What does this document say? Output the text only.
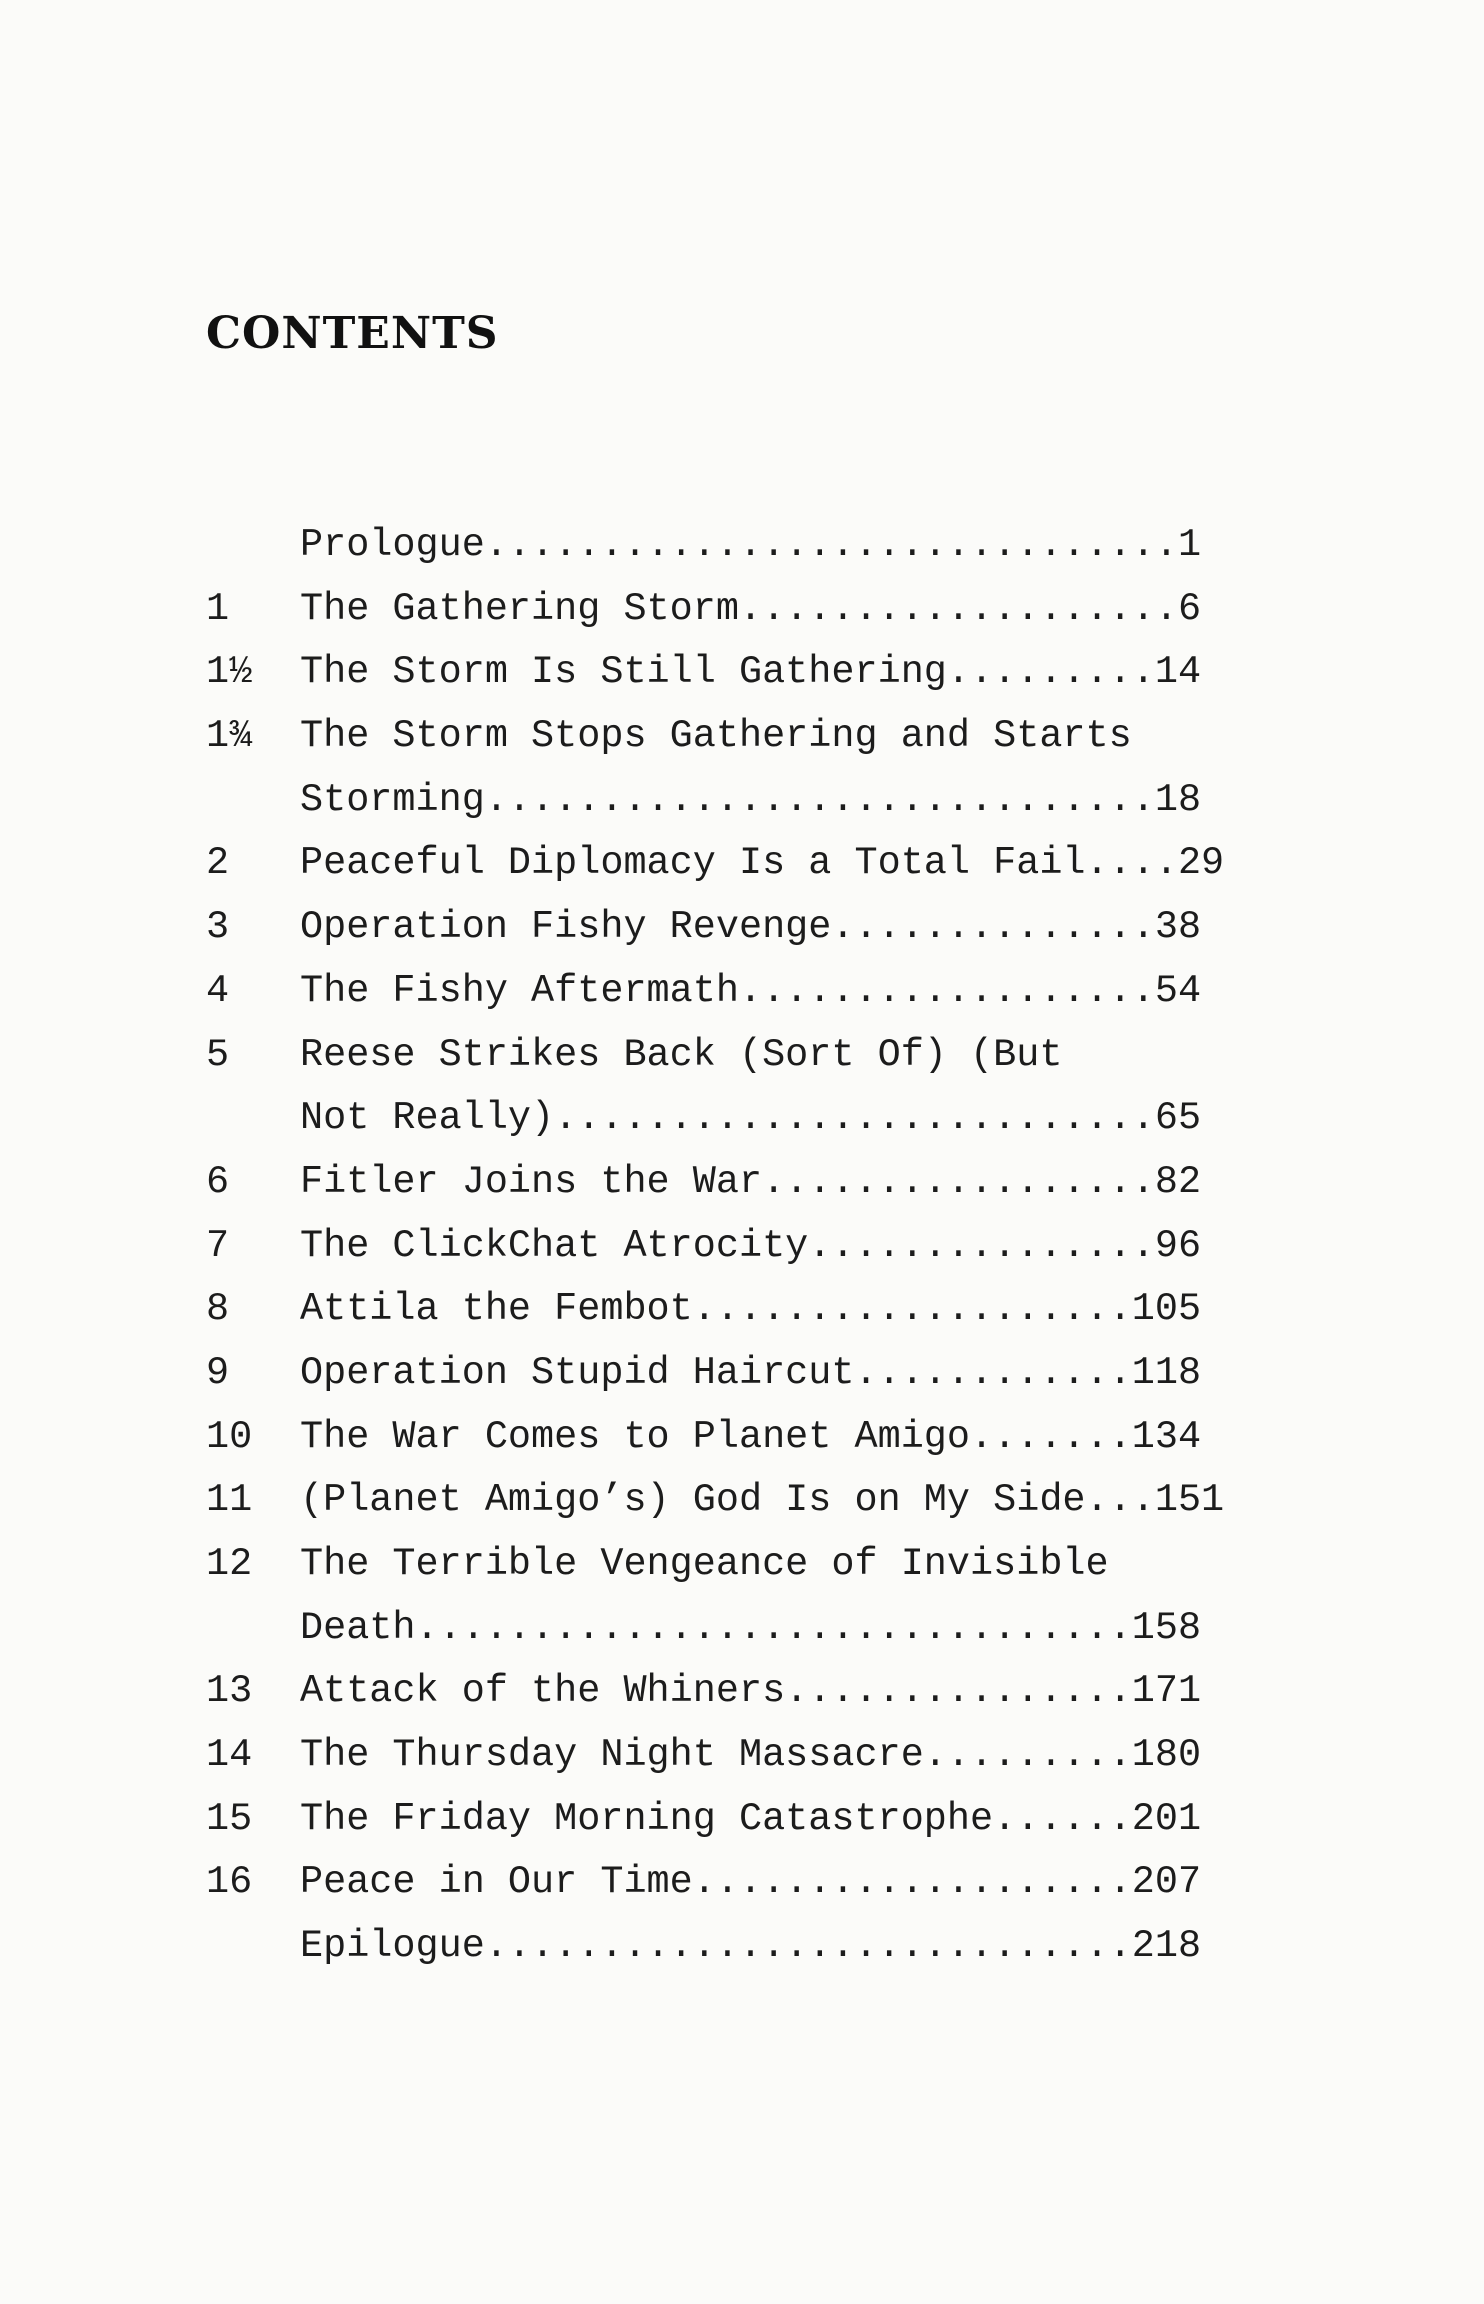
CONTENTS
Prologue..............................1
1 The Gathering Storm...................6
1½ The Storm Is Still Gathering.........14
1¾ The Storm Stops Gathering and Starts
Storming.............................18
2 Peaceful Diplomacy Is a Total Fail....29
3 Operation Fishy Revenge..............38
4 The Fishy Aftermath..................54
5 Reese Strikes Back (Sort Of) (But
Not Really)..........................65
6 Fitler Joins the War.................82
7 The ClickChat Atrocity...............96
8 Attila the Fembot...................105
9 Operation Stupid Haircut............118
10 The War Comes to Planet Amigo.......134
11 (Planet Amigo’s) God Is on My Side...151
12 The Terrible Vengeance of Invisible
Death...............................158
13 Attack of the Whiners...............171
14 The Thursday Night Massacre.........180
15 The Friday Morning Catastrophe......201
16 Peace in Our Time...................207
Epilogue............................218
